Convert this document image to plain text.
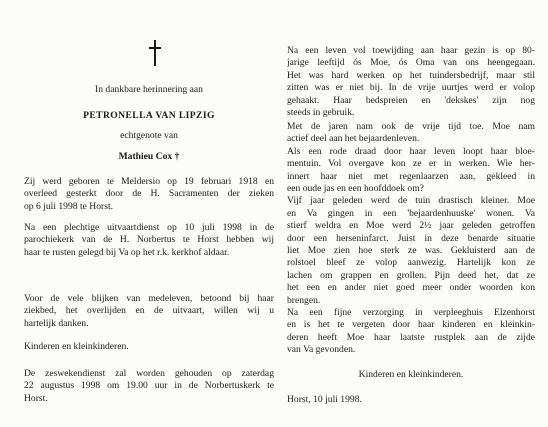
In dankbare herinnering aan

PETRONELLA VAN LIPZIG

echtgenote van

Mathieu Cox †

Zij werd geboren te Meldersio op 19 februari 1918 en
overleed gesterkt door de H. Sacramenten der zieken
op 6 juli 1998 te Horst.
Na een plechtige uitvaartdienst op 10 juli 1998 in de
parochiekerk van de H. Norbertus te Horst hebben wij
haar te rusten gelegd bij Va op het r.k. kerkhof aldaar.
Voor de vele blijken van medeleven, betoond bij haar
ziekbed, het overlijden en de uitvaart, willen wij u
hartelijk danken.

Kinderen en kleinkinderen.

De zeswekendienst zal worden gehouden op zaterdag
22 augustus 1998 om 19.00 uur in de Norbertuskerk te
Horst.
Na een leven vol toewijding aan haar gezin is op 80-
jarige leeftijd ós Moe, ós Oma van ons heengegaan.
Het was hard werken op het tuindersbedrijf, maar stil
zitten was er niet bij. In de vrije uurtjes werd er volop
gehaakt. Haar bedspreien en 'dekskes' zijn nog
steeds in gebruik.
Met de jaren nam ook de vrije tijd toe. Moe nam
actief deel aan het bejaardenleven.
Als een rode draad door haar leven loopt haar bloe-
mentuin. Vol overgave kon ze er in werken. Wie her-
innert haar niet met regenlaarzen aan, gekleed in
een oude jas en een hoofddoek om?
Vijf jaar geleden werd de tuin drastisch kleiner. Moe
en Va gingen in een 'bejaardenhuuske' wonen. Va
stierf weldra en Moe werd 2½ jaar geleden getroffen
door een herseninfarct. Juist in deze benarde situatie
liet Moe zien hoe sterk ze was. Gekluisterd aan de
rolstoel bleef ze volop aanwezig. Hartelijk kon ze
lachen om grappen en grollen. Pijn deed het, dat ze
het een en ander niet goed meer onder woorden kon
brengen.
Na een fijne verzorging in verpleeghuis Elzenhorst
en is het te vergeten door haar kinderen en kleinkin-
deren heeft Moe haar laatste rustplek aan de zijde
van Va gevonden.

Kinderen en kleinkinderen.

Horst, 10 juli 1998.
